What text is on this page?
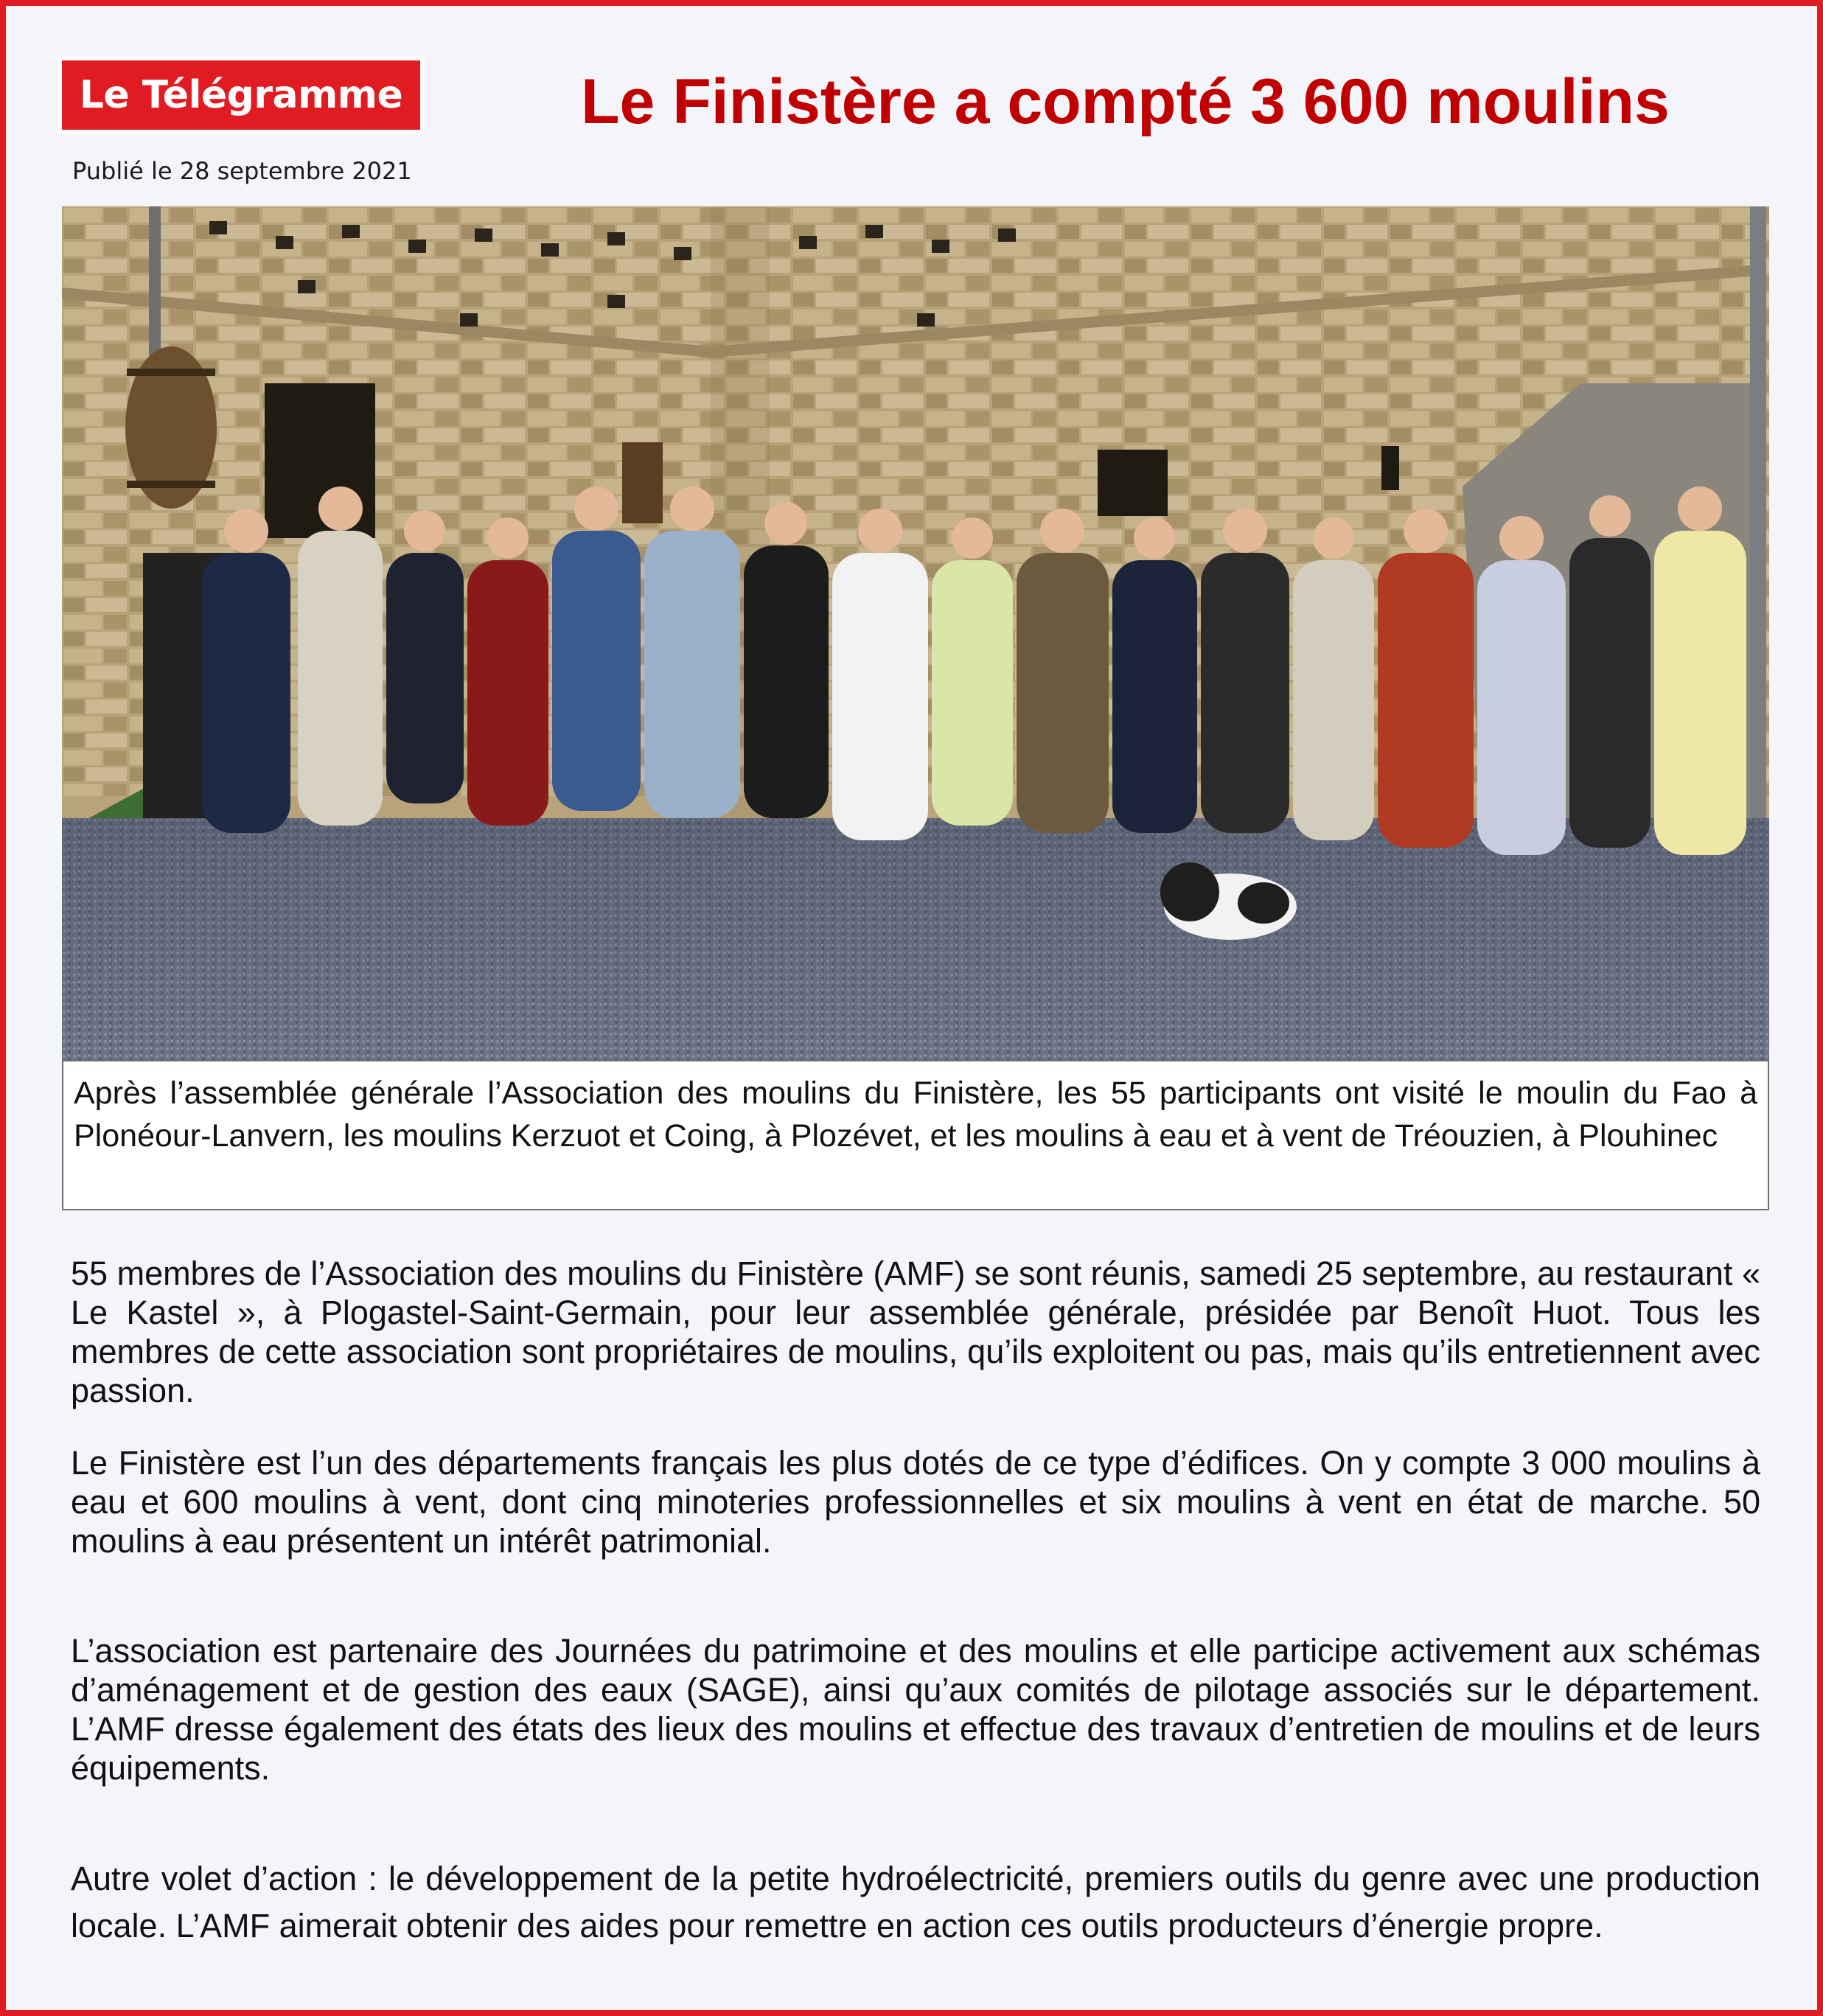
Le Télégramme	Le Finistère a compté 3 600 moulins
Publié le 28 septembre 2021
Après l’assemblée générale l’Association des moulins du Finistère, les 55 participants ont visité le moulin du Fao à Plonéour-Lanvern, les moulins Kerzuot et Coing, à Plozévet, et les moulins à eau et à vent de Tréouzien, à Plouhinec

55 membres de l’Association des moulins du Finistère (AMF) se sont réunis, samedi 25 septembre, au restaurant « Le Kastel », à Plogastel-Saint-Germain, pour leur assemblée générale, présidée par Benoît Huot. Tous les membres de cette association sont propriétaires de moulins, qu’ils exploitent ou pas, mais qu’ils entretiennent avec passion.

Le Finistère est l’un des départements français les plus dotés de ce type d’édifices. On y compte 3 000 moulins à eau et 600 moulins à vent, dont cinq minoteries professionnelles et six moulins à vent en état de marche. 50 moulins à eau présentent un intérêt patrimonial.

L’association est partenaire des Journées du patrimoine et des moulins et elle participe activement aux schémas d’aménagement et de gestion des eaux (SAGE), ainsi qu’aux comités de pilotage associés sur le département. L’AMF dresse également des états des lieux des moulins et effectue des travaux d’entretien de moulins et de leurs équipements.

Autre volet d’action : le développement de la petite hydroélectricité, premiers outils du genre avec une production locale. L’AMF aimerait obtenir des aides pour remettre en action ces outils producteurs d’énergie propre.
